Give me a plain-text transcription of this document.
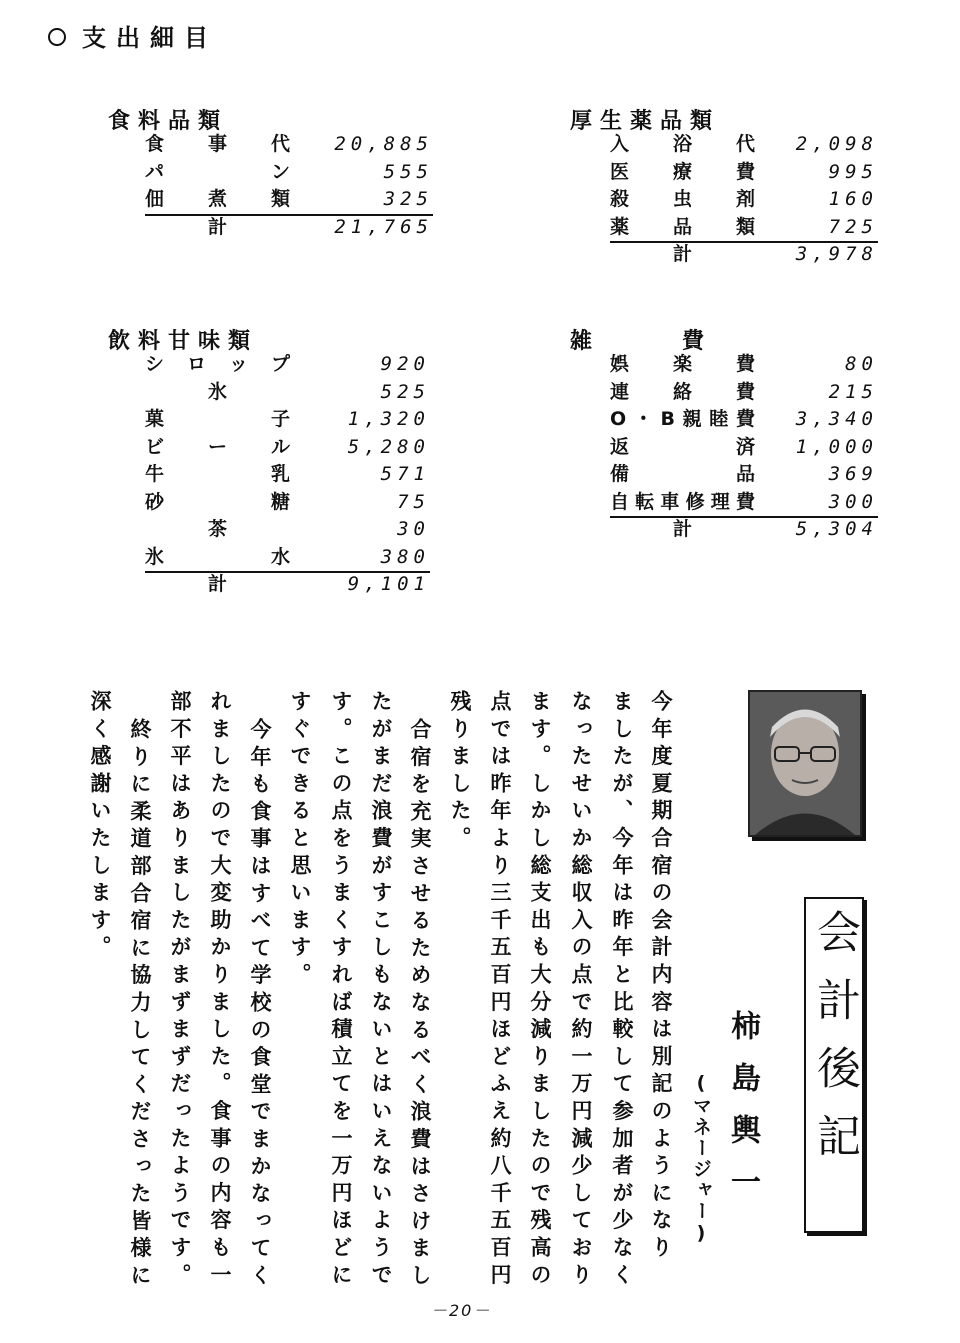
支出細目
食料品類
食 事 代 20,885
パ	ン	555
佃 煮 類	325
計	21,765
厚生薬品類
入 浴 代 2,098
医 療 費	995
殺 虫 剤	160
薬 品 類	725
計	3,978
飲料甘味類
シ ロ ッ プ	920
氷	525
菓	子	1,320
ビ ー ル	5,280
牛	乳	571
砂	糖	75
茶	30
氷	水	380
計	9,101
雑費
娯 楽 費	80
連 絡 費	215
O ・ B 親 睦 費 3,340
返	済 1,000
備	品	369
自 転 車 修 理 費	300
計	5,304
今年度夏期合宿の会計内容は別記のようになり
ましたが、今年は昨年と比較して参加者が少なく
なったせいか総収入の点で約一万円減少しており
ます。しかし総支出も大分減りましたので残高の
点では昨年より三千五百円ほどふえ約八千五百円
残りました。
合宿を充実させるためなるべく浪費はさけまし
たがまだ浪費がすこしもないとはいえないようで
す。この点をうまくすれば積立てを一万円ほどに
すぐできると思います。
今年も食事はすべて学校の食堂でまかなってく
れましたので大変助かりました。食事の内容も一
部不平はありましたがまずまずだったようです。
終りに柔道部合宿に協力してくださった皆様に
深く感謝いたします。
柿島輿一
(マネージャー) 会計後記
－20－
